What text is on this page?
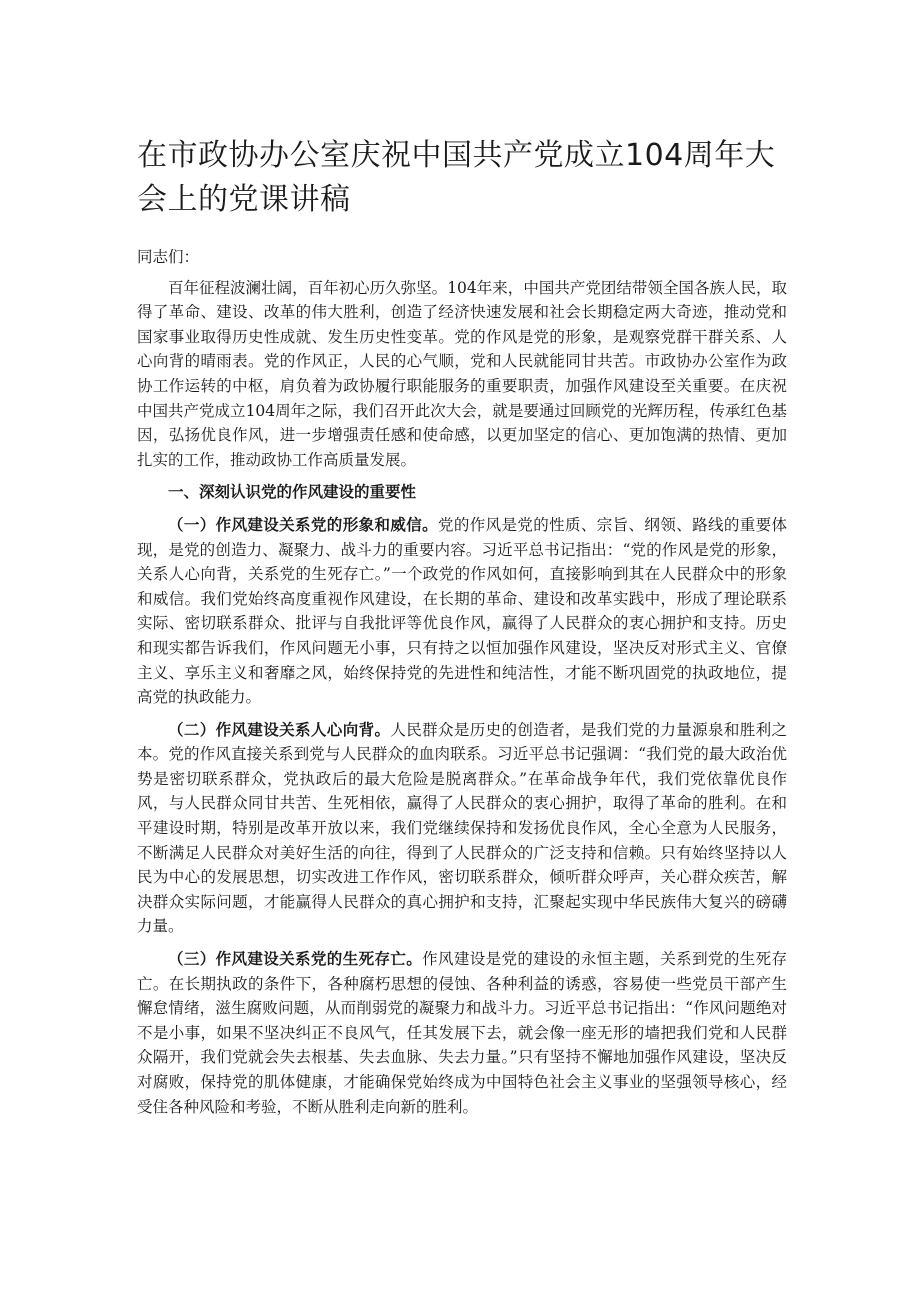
在市政协办公室庆祝中国共产党成立104周年大会上的党课讲稿

同志们：

百年征程波澜壮阔，百年初心历久弥坚。104年来，中国共产党团结带领全国各族人民，取得了革命、建设、改革的伟大胜利，创造了经济快速发展和社会长期稳定两大奇迹，推动党和国家事业取得历史性成就、发生历史性变革。党的作风是党的形象，是观察党群干群关系、人心向背的晴雨表。党的作风正，人民的心气顺，党和人民就能同甘共苦。市政协办公室作为政协工作运转的中枢，肩负着为政协履行职能服务的重要职责，加强作风建设至关重要。在庆祝中国共产党成立104周年之际，我们召开此次大会，就是要通过回顾党的光辉历程，传承红色基因，弘扬优良作风，进一步增强责任感和使命感，以更加坚定的信心、更加饱满的热情、更加扎实的工作，推动政协工作高质量发展。

一、深刻认识党的作风建设的重要性

（一）作风建设关系党的形象和威信。党的作风是党的性质、宗旨、纲领、路线的重要体现，是党的创造力、凝聚力、战斗力的重要内容。习近平总书记指出：“党的作风是党的形象，关系人心向背，关系党的生死存亡。”一个政党的作风如何，直接影响到其在人民群众中的形象和威信。我们党始终高度重视作风建设，在长期的革命、建设和改革实践中，形成了理论联系实际、密切联系群众、批评与自我批评等优良作风，赢得了人民群众的衷心拥护和支持。历史和现实都告诉我们，作风问题无小事，只有持之以恒加强作风建设，坚决反对形式主义、官僚主义、享乐主义和奢靡之风，始终保持党的先进性和纯洁性，才能不断巩固党的执政地位，提高党的执政能力。

（二）作风建设关系人心向背。人民群众是历史的创造者，是我们党的力量源泉和胜利之本。党的作风直接关系到党与人民群众的血肉联系。习近平总书记强调：“我们党的最大政治优势是密切联系群众，党执政后的最大危险是脱离群众。”在革命战争年代，我们党依靠优良作风，与人民群众同甘共苦、生死相依，赢得了人民群众的衷心拥护，取得了革命的胜利。在和平建设时期，特别是改革开放以来，我们党继续保持和发扬优良作风，全心全意为人民服务，不断满足人民群众对美好生活的向往，得到了人民群众的广泛支持和信赖。只有始终坚持以人民为中心的发展思想，切实改进工作作风，密切联系群众，倾听群众呼声，关心群众疾苦，解决群众实际问题，才能赢得人民群众的真心拥护和支持，汇聚起实现中华民族伟大复兴的磅礴力量。

（三）作风建设关系党的生死存亡。作风建设是党的建设的永恒主题，关系到党的生死存亡。在长期执政的条件下，各种腐朽思想的侵蚀、各种利益的诱惑，容易使一些党员干部产生懈怠情绪，滋生腐败问题，从而削弱党的凝聚力和战斗力。习近平总书记指出：“作风问题绝对不是小事，如果不坚决纠正不良风气，任其发展下去，就会像一座无形的墙把我们党和人民群众隔开，我们党就会失去根基、失去血脉、失去力量。”只有坚持不懈地加强作风建设，坚决反对腐败，保持党的肌体健康，才能确保党始终成为中国特色社会主义事业的坚强领导核心，经受住各种风险和考验，不断从胜利走向新的胜利。
